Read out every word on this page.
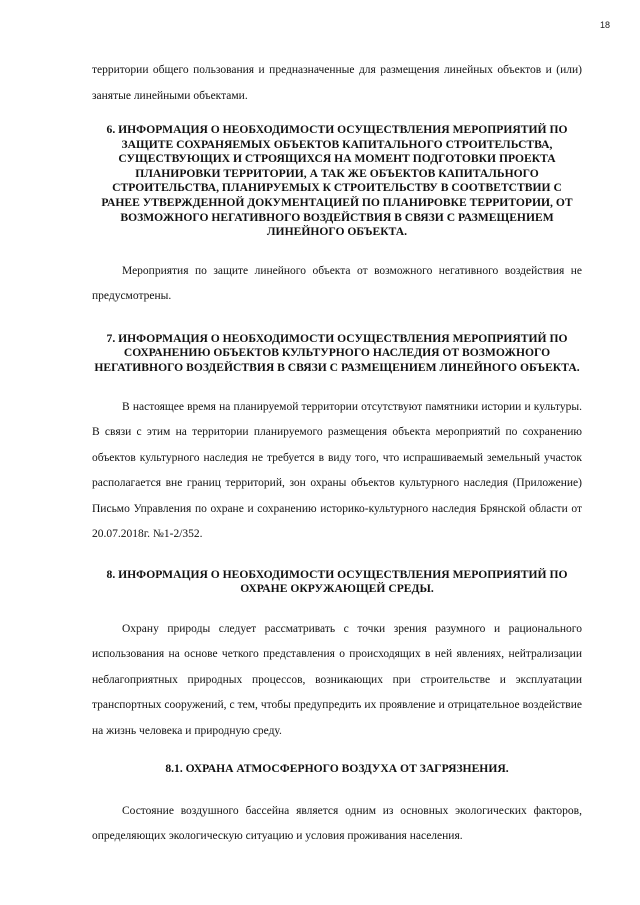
18

территории общего пользования и предназначенные для размещения линейных объектов и (или) занятые линейными объектами.

6. ИНФОРМАЦИЯ О НЕОБХОДИМОСТИ ОСУЩЕСТВЛЕНИЯ МЕРОПРИЯТИЙ ПО ЗАЩИТЕ СОХРАНЯЕМЫХ ОБЪЕКТОВ КАПИТАЛЬНОГО СТРОИТЕЛЬСТВА, СУЩЕСТВУЮЩИХ И СТРОЯЩИХСЯ НА МОМЕНТ ПОДГОТОВКИ ПРОЕКТА ПЛАНИРОВКИ ТЕРРИТОРИИ, А ТАК ЖЕ ОБЪЕКТОВ КАПИТАЛЬНОГО СТРОИТЕЛЬСТВА, ПЛАНИРУЕМЫХ К СТРОИТЕЛЬСТВУ В СООТВЕТСТВИИ С РАНЕЕ УТВЕРЖДЕННОЙ ДОКУМЕНТАЦИЕЙ ПО ПЛАНИРОВКЕ ТЕРРИТОРИИ, ОТ ВОЗМОЖНОГО НЕГАТИВНОГО ВОЗДЕЙСТВИЯ В СВЯЗИ С РАЗМЕЩЕНИЕМ ЛИНЕЙНОГО ОБЪЕКТА.

Мероприятия по защите линейного объекта от возможного негативного воздействия не предусмотрены.

7. ИНФОРМАЦИЯ О НЕОБХОДИМОСТИ ОСУЩЕСТВЛЕНИЯ МЕРОПРИЯТИЙ ПО СОХРАНЕНИЮ ОБЪЕКТОВ КУЛЬТУРНОГО НАСЛЕДИЯ ОТ ВОЗМОЖНОГО НЕГАТИВНОГО ВОЗДЕЙСТВИЯ В СВЯЗИ С РАЗМЕЩЕНИЕМ ЛИНЕЙНОГО ОБЪЕКТА.

В настоящее время на планируемой территории отсутствуют памятники истории и культуры. В связи с этим на территории планируемого размещения объекта мероприятий по сохранению объектов культурного наследия не требуется в виду того, что испрашиваемый земельный участок располагается вне границ территорий, зон охраны объектов культурного наследия (Приложение) Письмо Управления по охране и сохранению историко-культурного наследия Брянской области от 20.07.2018г. №1-2/352.

8. ИНФОРМАЦИЯ О НЕОБХОДИМОСТИ ОСУЩЕСТВЛЕНИЯ МЕРОПРИЯТИЙ ПО ОХРАНЕ ОКРУЖАЮЩЕЙ СРЕДЫ.

Охрану природы следует рассматривать с точки зрения разумного и рационального использования на основе четкого представления о происходящих в ней явлениях, нейтрализации неблагоприятных природных процессов, возникающих при строительстве и эксплуатации транспортных сооружений, с тем, чтобы предупредить их проявление и отрицательное воздействие на жизнь человека и природную среду.

8.1. ОХРАНА АТМОСФЕРНОГО ВОЗДУХА ОТ ЗАГРЯЗНЕНИЯ.

Состояние воздушного бассейна является одним из основных экологических факторов, определяющих экологическую ситуацию и условия проживания населения.
